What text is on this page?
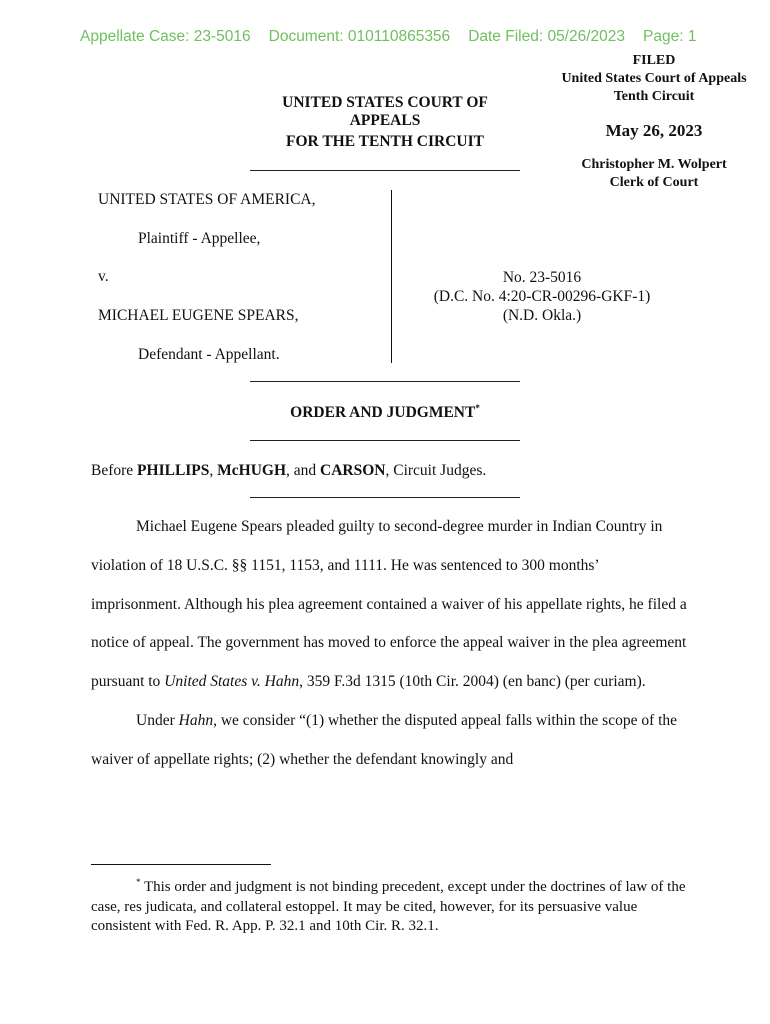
Appellate Case: 23-5016 Document: 010110865356 Date Filed: 05/26/2023 Page: 1
FILED
United States Court of Appeals
Tenth Circuit
May 26, 2023
Christopher M. Wolpert
Clerk of Court
UNITED STATES COURT OF APPEALS
FOR THE TENTH CIRCUIT
UNITED STATES OF AMERICA,
Plaintiff - Appellee,
v.
MICHAEL EUGENE SPEARS,
Defendant - Appellant.
No. 23-5016
(D.C. No. 4:20-CR-00296-GKF-1)
(N.D. Okla.)
ORDER AND JUDGMENT*
Before PHILLIPS, McHUGH, and CARSON, Circuit Judges.

Michael Eugene Spears pleaded guilty to second-degree murder in Indian Country in violation of 18 U.S.C. §§ 1151, 1153, and 1111. He was sentenced to 300 months’ imprisonment. Although his plea agreement contained a waiver of his appellate rights, he filed a notice of appeal. The government has moved to enforce the appeal waiver in the plea agreement pursuant to United States v. Hahn, 359 F.3d 1315 (10th Cir. 2004) (en banc) (per curiam).

Under Hahn, we consider “(1) whether the disputed appeal falls within the scope of the waiver of appellate rights; (2) whether the defendant knowingly and

* This order and judgment is not binding precedent, except under the doctrines of law of the case, res judicata, and collateral estoppel. It may be cited, however, for its persuasive value consistent with Fed. R. App. P. 32.1 and 10th Cir. R. 32.1.
